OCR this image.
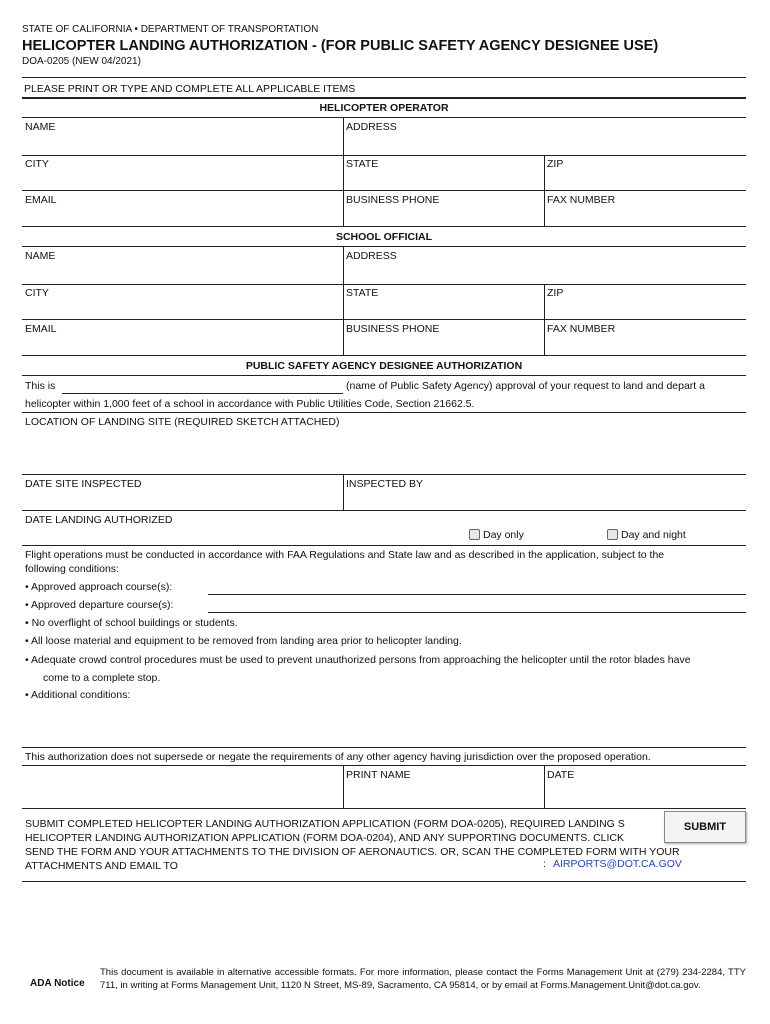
STATE OF CALIFORNIA • DEPARTMENT OF TRANSPORTATION
HELICOPTER LANDING AUTHORIZATION - (FOR PUBLIC SAFETY AGENCY DESIGNEE USE)
DOA-0205 (NEW 04/2021)
PLEASE PRINT OR TYPE AND COMPLETE ALL APPLICABLE ITEMS
HELICOPTER OPERATOR
NAME	ADDRESS
CITY	STATE	ZIP
EMAIL	BUSINESS PHONE	FAX NUMBER
SCHOOL OFFICIAL
NAME	ADDRESS
CITY	STATE	ZIP
EMAIL	BUSINESS PHONE	FAX NUMBER
PUBLIC SAFETY AGENCY DESIGNEE AUTHORIZATION
This is	(name of Public Safety Agency) approval of your request to land and depart a
helicopter within 1,000 feet of a school in accordance with Public Utilities Code, Section 21662.5.
LOCATION OF LANDING SITE (REQUIRED SKETCH ATTACHED)
DATE SITE INSPECTED	INSPECTED BY
DATE LANDING AUTHORIZED
Day only	Day and night
Flight operations must be conducted in accordance with FAA Regulations and State law and as described in the application, subject to the
following conditions:
• Approved approach course(s):
• Approved departure course(s):
• No overflight of school buildings or students.
• All loose material and equipment to be removed from landing area prior to helicopter landing.
• Adequate crowd control procedures must be used to prevent unauthorized persons from approaching the helicopter until the rotor blades have
come to a complete stop.
• Additional conditions:
This authorization does not supersede or negate the requirements of any other agency having jurisdiction over the proposed operation.
PRINT NAME	DATE
SUBMIT COMPLETED HELICOPTER LANDING AUTHORIZATION APPLICATION (FORM DOA-0205), REQUIRED LANDING S
HELICOPTER LANDING AUTHORIZATION APPLICATION (FORM DOA-0204), AND ANY SUPPORTING DOCUMENTS. CLICK
SEND THE FORM AND YOUR ATTACHMENTS TO THE DIVISION OF AERONAUTICS. OR, SCAN THE COMPLETED FORM WITH YOUR
ATTACHMENTS AND EMAIL TO	: AIRPORTS@DOT.CA.GOV
SUBMIT
ADA Notice
This document is available in alternative accessible formats. For more information, please contact the Forms Management Unit at (279) 234-2284, TTY 711, in writing at Forms Management Unit, 1120 N Street, MS-89, Sacramento, CA 95814, or by email at Forms.Management.Unit@dot.ca.gov.
